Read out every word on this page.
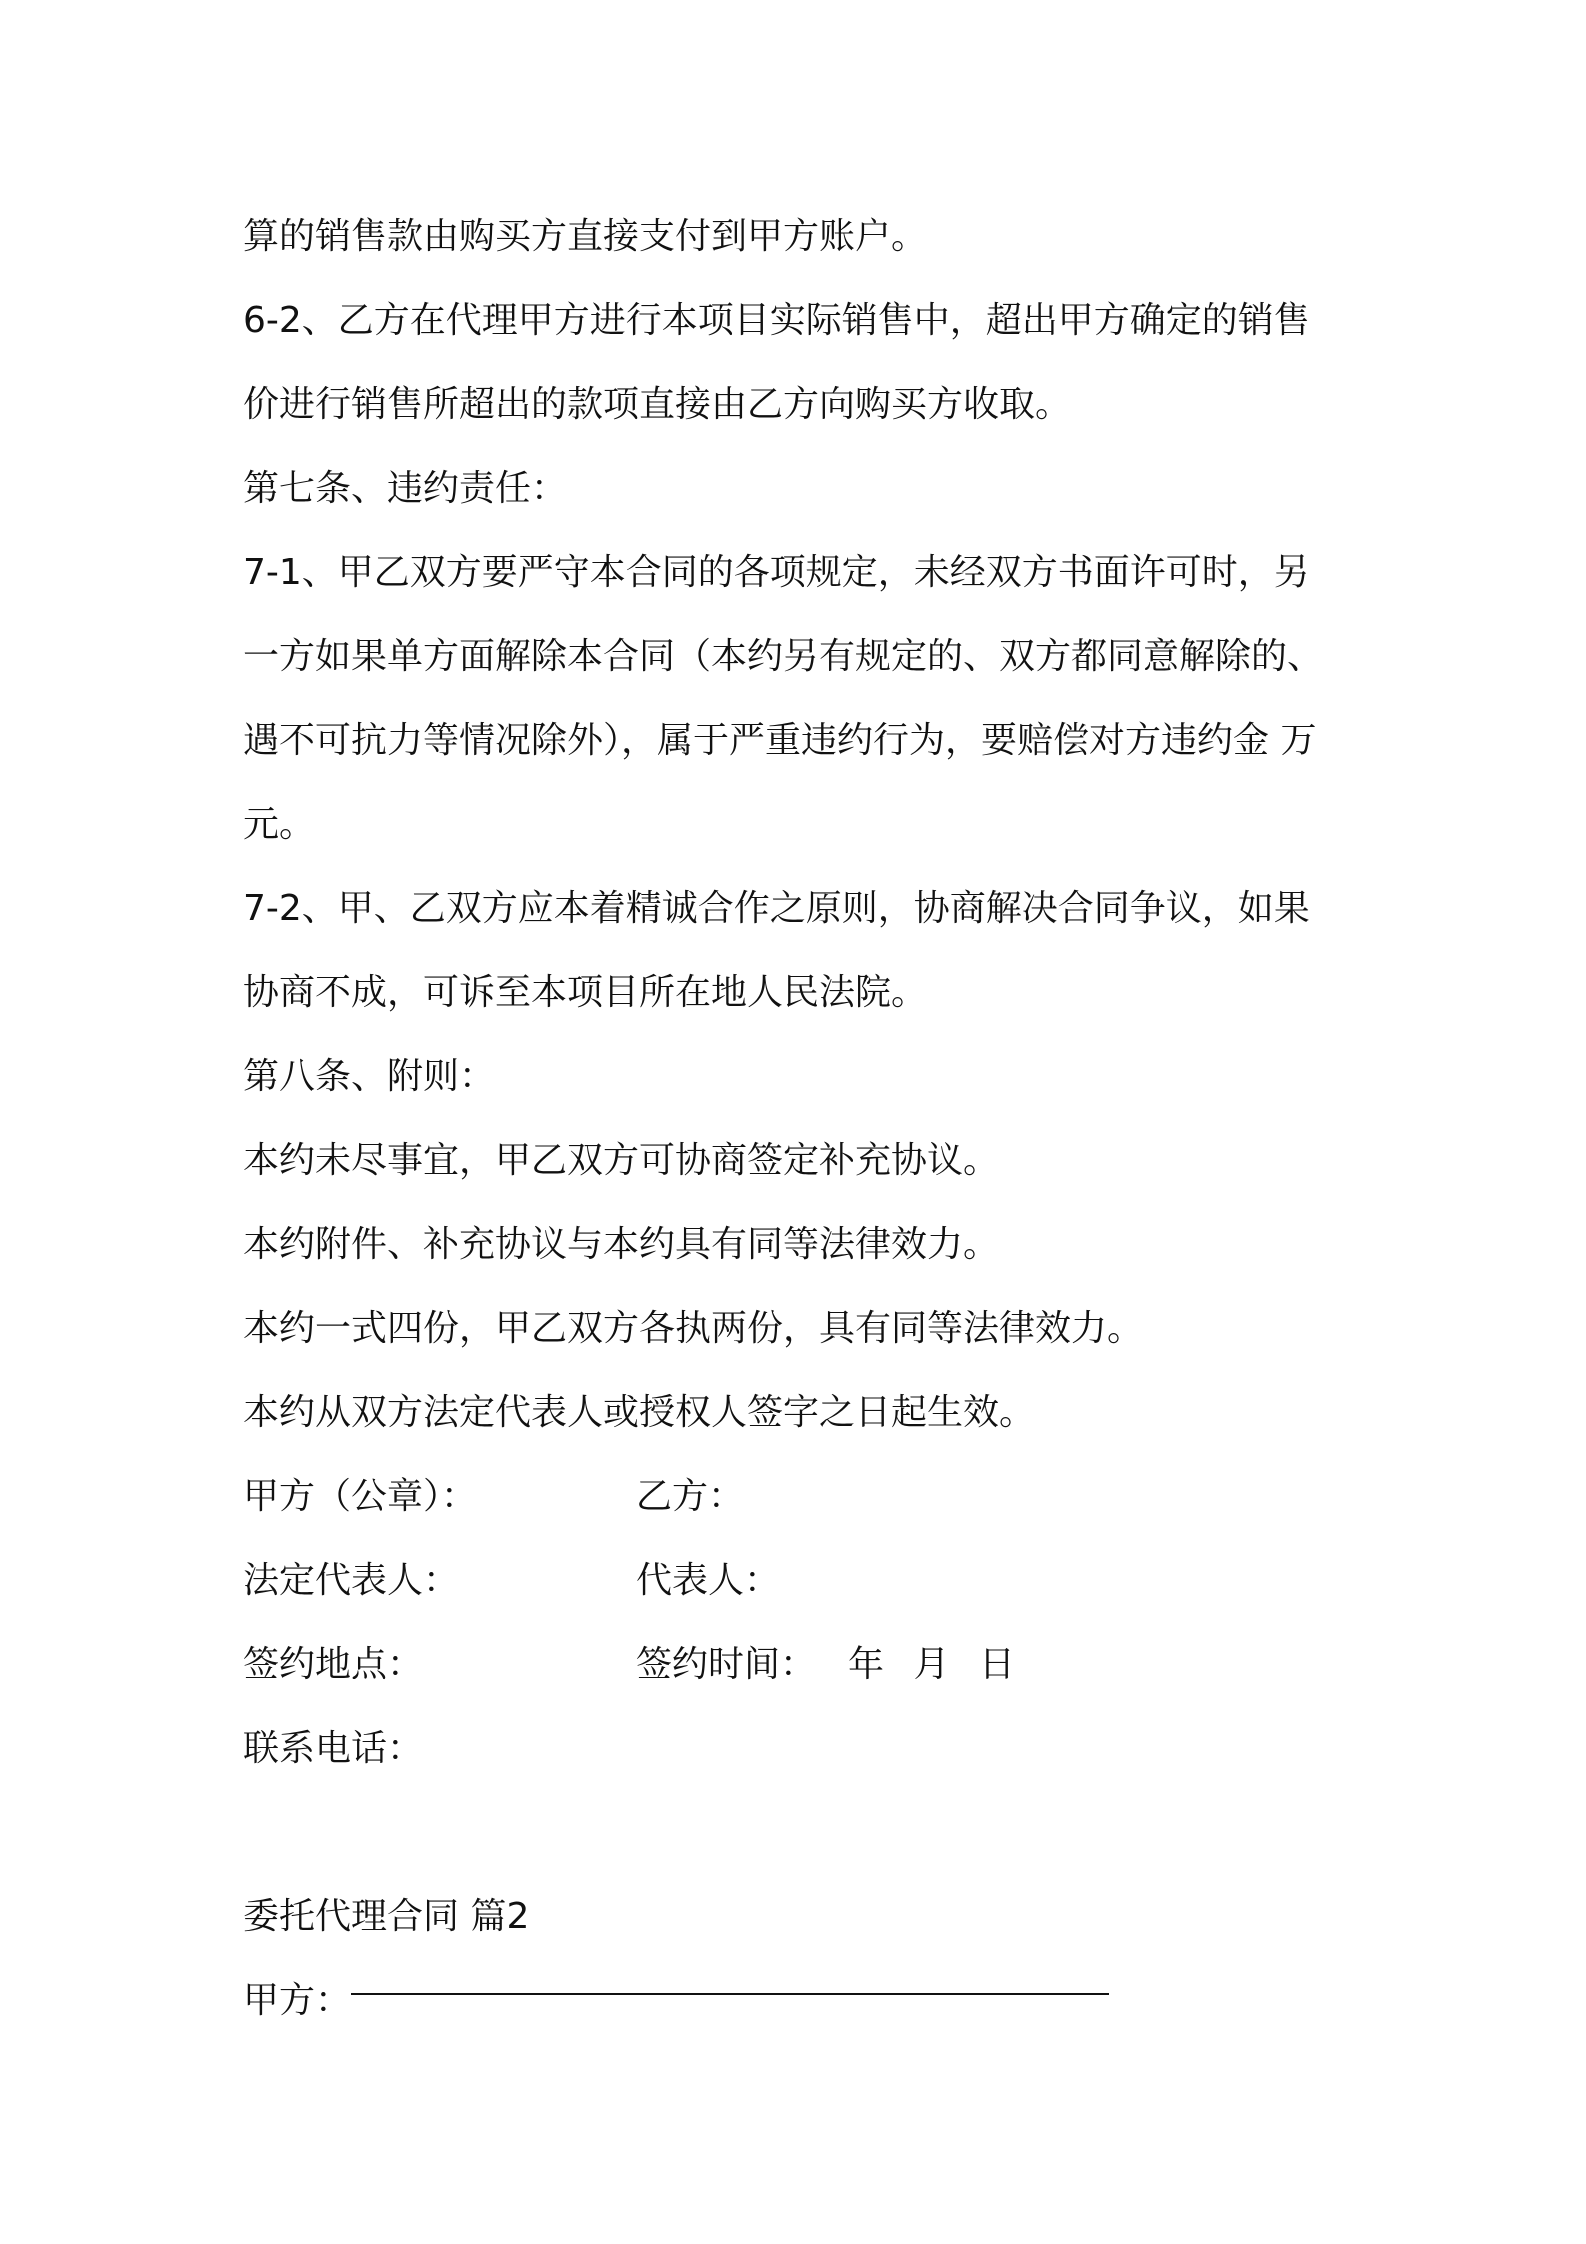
算的销售款由购买方直接支付到甲方账户。
6-2、乙方在代理甲方进行本项目实际销售中，超出甲方确定的销售
价进行销售所超出的款项直接由乙方向购买方收取。
第七条、违约责任：
7-1、甲乙双方要严守本合同的各项规定，未经双方书面许可时，另
一方如果单方面解除本合同（本约另有规定的、双方都同意解除的、
遇不可抗力等情况除外），属于严重违约行为，要赔偿对方违约金 万
元。
7-2、甲、乙双方应本着精诚合作之原则，协商解决合同争议，如果
协商不成，可诉至本项目所在地人民法院。
第八条、附则：
本约未尽事宜，甲乙双方可协商签定补充协议。
本约附件、补充协议与本约具有同等法律效力。
本约一式四份，甲乙双方各执两份，具有同等法律效力。
本约从双方法定代表人或授权人签字之日起生效。
甲方（公章）：	乙方：
法定代表人：	代表人：
签约地点：	签约时间： 年 月 日
联系电话：
委托代理合同 篇2
甲方：
